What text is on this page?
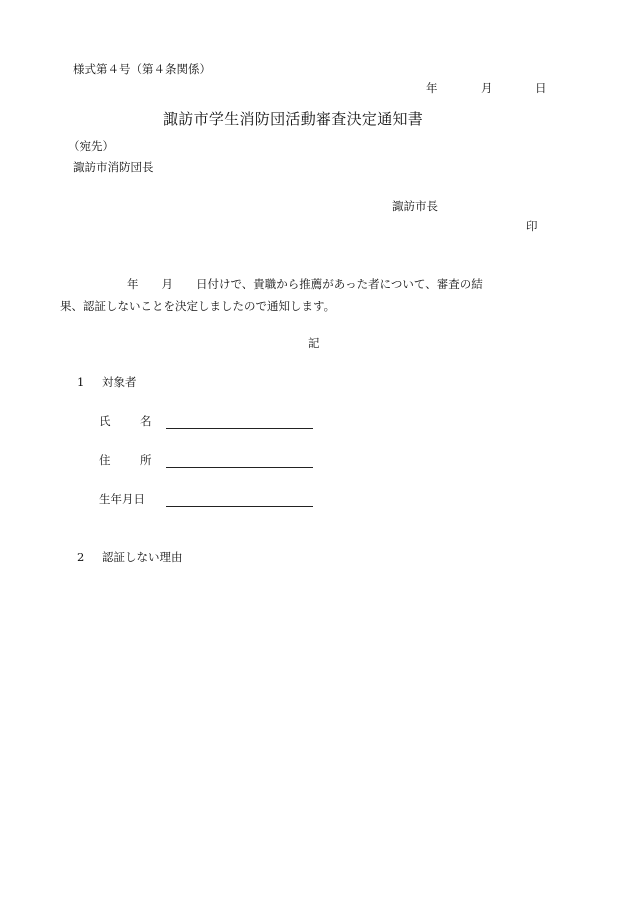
様式第４号（第４条関係）
年	月	日
諏訪市学生消防団活動審査決定通知書
（宛先）
諏訪市消防団長
諏訪市長
印
年　　月　　日付けで、貴職から推薦があった者について、審査の結
果、認証しないことを決定しましたので通知します。
記
1 対象者
氏	名
住	所
生年月日
2 認証しない理由
